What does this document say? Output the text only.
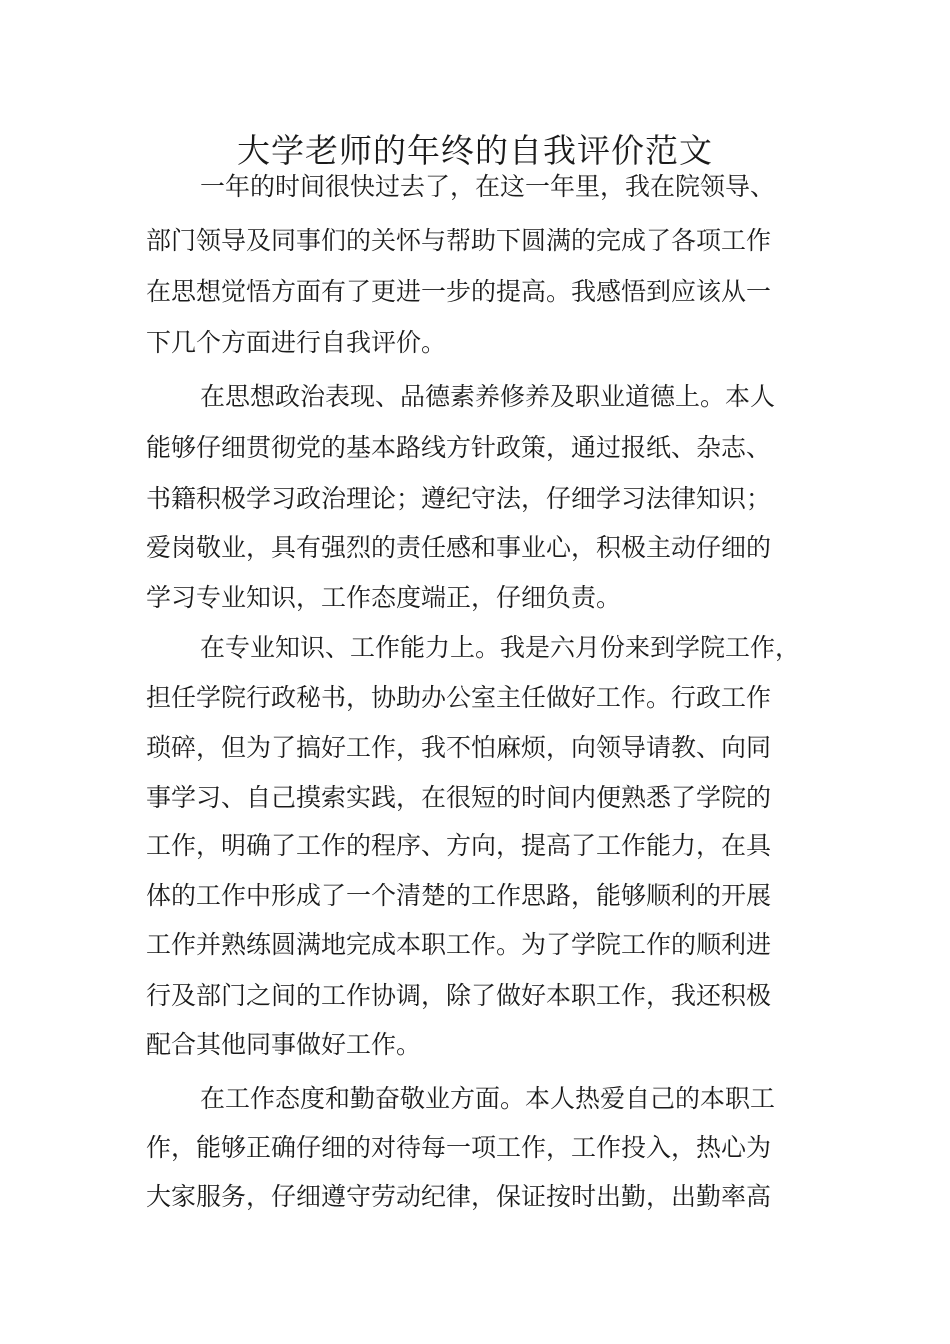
大学老师的年终的自我评价范文
一年的时间很快过去了，在这一年里，我在院领导、
部门领导及同事们的关怀与帮助下圆满的完成了各项工作
在思想觉悟方面有了更进一步的提高。我感悟到应该从一
下几个方面进行自我评价。
在思想政治表现、品德素养修养及职业道德上。本人
能够仔细贯彻党的基本路线方针政策，通过报纸、杂志、
书籍积极学习政治理论；遵纪守法，仔细学习法律知识；
爱岗敬业，具有强烈的责任感和事业心，积极主动仔细的
学习专业知识，工作态度端正，仔细负责。
在专业知识、工作能力上。我是六月份来到学院工作，
担任学院行政秘书，协助办公室主任做好工作。行政工作
琐碎，但为了搞好工作，我不怕麻烦，向领导请教、向同
事学习、自己摸索实践，在很短的时间内便熟悉了学院的
工作，明确了工作的程序、方向，提高了工作能力，在具
体的工作中形成了一个清楚的工作思路，能够顺利的开展
工作并熟练圆满地完成本职工作。为了学院工作的顺利进
行及部门之间的工作协调，除了做好本职工作，我还积极
配合其他同事做好工作。
在工作态度和勤奋敬业方面。本人热爱自己的本职工
作，能够正确仔细的对待每一项工作，工作投入，热心为
大家服务，仔细遵守劳动纪律，保证按时出勤，出勤率高
